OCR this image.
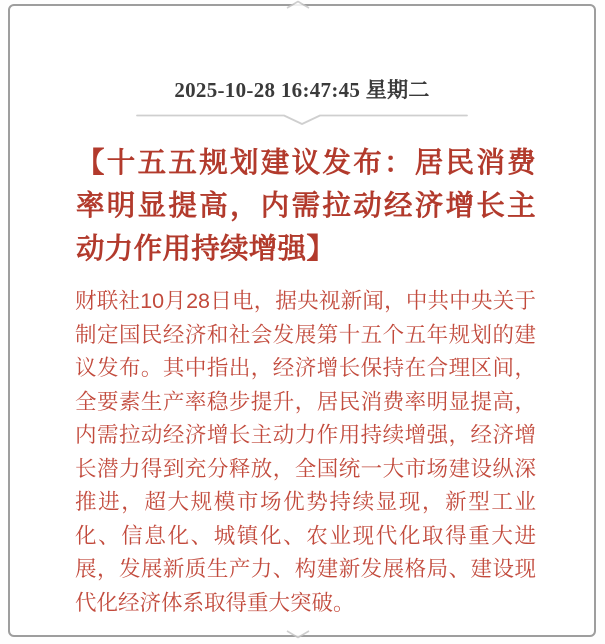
2025-10-28 16:47:45 星期二
【十五五规划建议发布：居民消费率明显提高，内需拉动经济增长主动力作用持续增强】

财联社10月28日电，据央视新闻，中共中央关于制定国民经济和社会发展第十五个五年规划的建议发布。其中指出，经济增长保持在合理区间，全要素生产率稳步提升，居民消费率明显提高，内需拉动经济增长主动力作用持续增强，经济增长潜力得到充分释放，全国统一大市场建设纵深推进，超大规模市场优势持续显现，新型工业化、信息化、城镇化、农业现代化取得重大进展，发展新质生产力、构建新发展格局、建设现代化经济体系取得重大突破。
